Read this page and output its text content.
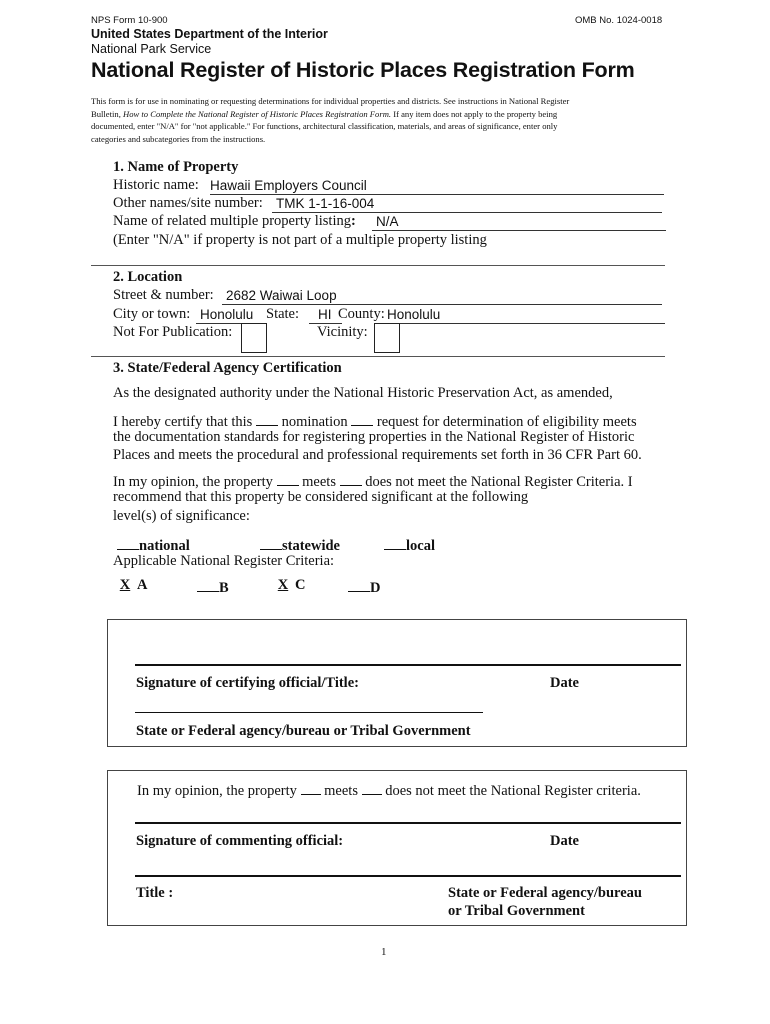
NPS Form 10-900	OMB No. 1024-0018
United States Department of the Interior
National Park Service
National Register of Historic Places Registration Form
This form is for use in nominating or requesting determinations for individual properties and districts. See instructions in National Register
Bulletin, How to Complete the National Register of Historic Places Registration Form. If any item does not apply to the property being
documented, enter "N/A" for "not applicable." For functions, architectural classification, materials, and areas of significance, enter only
categories and subcategories from the instructions.
1. Name of Property
Historic name: Hawaii Employers Council
Other names/site number: TMK 1-1-16-004
Name of related multiple property listing: N/A
(Enter "N/A" if property is not part of a multiple property listing
2. Location
Street & number: 2682 Waiwai Loop
City or town: Honolulu State: HI County: Honolulu
Not For Publication:	Vicinity:
3. State/Federal Agency Certification
As the designated authority under the National Historic Preservation Act, as amended,
I hereby certify that this nomination request for determination of eligibility meets
the documentation standards for registering properties in the National Register of Historic
Places and meets the procedural and professional requirements set forth in 36 CFR Part 60.
In my opinion, the property meets does not meet the National Register Criteria. I
recommend that this property be considered significant at the following
level(s) of significance:
national	statewide	local
Applicable National Register Criteria:
X A	B	X C	D
Signature of certifying official/Title:	Date
State or Federal agency/bureau or Tribal Government
In my opinion, the property meets does not meet the National Register criteria.
Signature of commenting official:	Date
Title :	State or Federal agency/bureau
or Tribal Government
1
